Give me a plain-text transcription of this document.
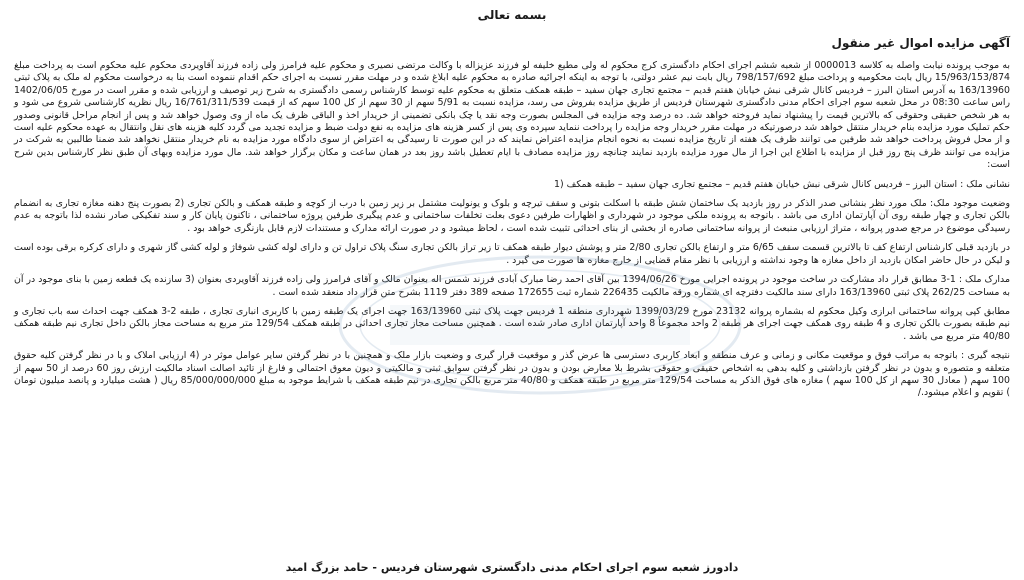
بسمه تعالی
آگهی مزایده اموال غیر منقول

به موجب پرونده نیابت واصله به کلاسه 0000013 از شعبه ششم اجرای احکام دادگستری کرج محکوم له ولی مطیع خلیفه لو فرزند عزیزاله با وکالت مرتضی نصیری و محکوم علیه فرامرز ولی زاده فرزند آقاویردی محکوم علیه محکوم است به پرداخت مبلغ 15/963/153/874 ریال بابت محکومیه و پرداخت مبلغ 798/157/692 ریال بابت نیم عشر دولتی، با توجه به اینکه اجرائیه صادره به محکوم علیه ابلاغ شده و در مهلت مقرر نسبت به اجرای حکم اقدام ننموده است بنا به درخواست محکوم له ملک به پلاک ثبتی 163/13960 به آدرس استان البرز – فردیس کانال شرقی نبش خیابان هفتم قدیم – مجتمع تجاری جهان سفید – طبقه همکف متعلق به محکوم علیه توسط کارشناس رسمی دادگستری به شرح زیر توصیف و ارزیابی شده و مقرر است در مورخ 1402/06/05 راس ساعت 08:30 در محل شعبه سوم اجرای احکام مدنی دادگستری شهرستان فردیس از طریق مزایده بفروش می رسد، مزایده نسبت به 5/91 سهم از 30 سهم از کل 100 سهم که از قیمت 16/761/311/539 ریال نظریه کارشناسی شروع می شود و به هر شخص حقیقی وحقوقی که بالاترین قیمت را پیشنهاد نماید فروخته خواهد شد. ده درصد وجه مزایده فی المجلس بصورت وجه نقد یا چک بانکی تضمینی از خریدار اخذ و الباقی ظرف یک ماه از وی وصول خواهد شد و پس از انجام مراحل قانونی وصدور حکم تملیک مورد مزایده بنام خریدار منتقل خواهد شد درصورتیکه در مهلت مقرر خریدار وجه مزایده را پرداخت ننماید سپرده وی پس از کسر هزینه های مزایده به نفع دولت ضبط و مزایده تجدید می گردد کلیه هزینه های نقل وانتقال به عهده محکوم علیه است و از محل فروش پرداخت خواهد شد طرفین می توانند ظرف یک هفته از تاریخ مزایده نسبت به نحوه انجام مزایده اعتراض نمایند که در این صورت تا رسیدگی به اعتراض از سوی دادگاه مورد مزایده به نام خریدار منتقل نخواهد شد ضمنا طالبین به شرکت در مزایده می توانند ظرف پنج روز قبل از مزایده با اطلاع این اجرا از مال مورد مزایده بازدید نمایند چنانچه روز مزایده مصادف با ایام تعطیل باشد روز بعد در همان ساعت و مکان برگزار خواهد شد. مال مورد مزایده وبهای آن طبق نظر کارشناس بدین شرح است:

نشانی ملک : استان البرز – فردیس کانال شرقی نبش خیابان هفتم قدیم – مجتمع تجاری جهان سفید – طبقه همکف (1

وضعیت موجود ملک: ملک مورد نظر بنشانی صدر الذکر در روز بازدید یک ساختمان شش طبقه با اسکلت بتونی و سقف تیرچه و بلوک و یونولیت مشتمل بر زیر زمین با درب از کوچه و طبقه همکف و بالکن تجاری (2 بصورت پنج دهنه مغازه تجاری به انضمام بالکن تجاری و چهار طبقه روی آن آپارتمان اداری می باشد . باتوجه به پرونده ملکی موجود در شهرداری و اظهارات طرفین دعوی بعلت تخلفات ساختمانی و عدم پیگیری طرفین پروژه ساختمانی ، تاکنون پایان کار و سند تفکیکی صادر نشده لذا باتوجه به عدم رسیدگی موضوع در مرجع صدور پروانه ، متراژ ارزیابی منبعث از پروانه ساختمانی صادره از بخشی از بنای احداثی تثبیت شده است ، لحاظ میشود و در صورت ارائه مدارک و مستندات لازم قابل بازنگری خواهد بود .

در بازدید قبلی کارشناس ارتفاع کف تا بالاترین قسمت سقف 6/65 متر و ارتفاع بالکن تجاری 2/80 متر و پوشش دیوار طبقه همکف تا زیر تراز بالکن تجاری سنگ پلاک تراول تن و دارای لوله کشی شوفاژ و لوله کشی گاز شهری و دارای کرکره برقی بوده است و لیکن در حال حاضر امکان بازدید از داخل مغازه ها وجود نداشته و ارزیابی با نظر مقام قضایی از خارج مغازه ها صورت می گیرد .

مدارک ملک : 1-3 مطابق قرار داد مشارکت در ساخت موجود در پرونده اجرایی مورخ 1394/06/26 بین آقای احمد رضا مبارک آبادی فرزند شمس اله بعنوان مالک و آقای فرامرز ولی زاده فرزند آقاویردی بعنوان (3 سازنده یک قطعه زمین با بنای موجود در آن به مساحت 262/25 پلاک ثبتی 163/13960 دارای سند مالکیت دفترچه ای شماره ورقه مالکیت 226435 شماره ثبت 172655 صفحه 389 دفتر 1119 بشرح متن قرار داد منعقد شده است .

مطابق کپی پروانه ساختمانی ابرازی وکیل محکوم له بشماره پروانه 23132 مورخ 1399/03/29 شهرداری منطقه 1 فردیس جهت پلاک ثبتی 163/13960 جهت اجرای یک طبقه زمین با کاربری انباری تجاری ، طبقه 2-3 همکف جهت احداث سه باب تجاری و نیم طبقه بصورت بالکن تجاری و 4 طبقه روی همکف جهت اجرای هر طبقه 2 واحد مجموعاً 8 واحد آپارتمان اداری صادر شده است . همچنین مساحت مجاز تجاری احداثی در طبقه همکف 129/54 متر مربع به مساحت مجاز بالکن داخل تجاری نیم طبقه همکف 40/80 متر مربع می باشد .

نتیجه گیری : باتوجه به مراتب فوق و موقعیت مکانی و زمانی و عرف منطقه و ابعاد کاربری دسترسی ها عرض گذر و موقعیت قرار گیری و وضعیت بازار ملک و همچنین با در نظر گرفتن سایر عوامل موثر در (4 ارزیابی املاک و با در نظر گرفتن کلیه حقوق متعلقه و متصوره و بدون در نظر گرفتن بازداشتی و کلیه بدهی به اشخاص حقیقی و حقوقی بشرط بلا معارض بودن و بدون در نظر گرفتن سوابق ثبتی و مالکیتی و دیون معوق احتمالی و فارغ از تائید اصالت اسناد مالکیت ارزش روز 60 درصد از 50 سهم از 100 سهم ( معادل 30 سهم از کل 100 سهم ) مغازه های فوق الذکر به مساحت 129/54 متر مربع در طبقه همکف و 40/80 متر مربع بالکن تجاری در نیم طبقه همکف با شرایط موجود به مبلغ 85/000/000/000 ریال ( هشت میلیارد و پانصد میلیون تومان ) تقویم و اعلام میشود./

دادورز شعبه سوم اجرای احکام مدنی دادگستری شهرستان فردیس - حامد بزرگ امید
